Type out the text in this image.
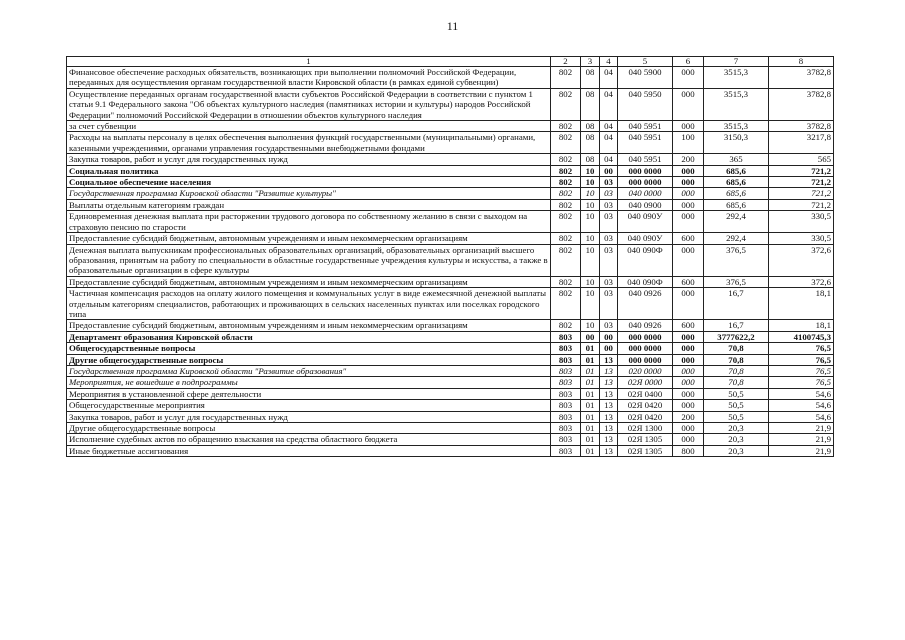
11
1	2	3	4	5	6	7	8
Финансовое обеспечение расходных обязательств, возникающих при выполнении полномочий Российской Федерации, переданных для осуществления органам государственной власти Кировской области (в рамках единой субвенции)	802	08	04	040 5900	000	3515,3	3782,8
Осуществление переданных органам государственной власти субъектов Российской Федерации в соответствии с пунктом 1 статьи 9.1 Федерального закона "Об объектах культурного наследия (памятниках истории и культуры) народов Российской Федерации" полномочий Российской Федерации в отношении объектов культурного наследия	802	08	04	040 5950	000	3515,3	3782,8
за счет субвенции	802	08	04	040 5951	000	3515,3	3782,8
Расходы на выплаты персоналу в целях обеспечения выполнения функций государственными (муниципальными) органами, казенными учреждениями, органами управления государственными внебюджетными фондами	802	08	04	040 5951	100	3150,3	3217,8
Закупка товаров, работ и услуг для государственных нужд	802	08	04	040 5951	200	365	565
Социальная политика	802	10	00	000 0000	000	685,6	721,2
Социальное обеспечение населения	802	10	03	000 0000	000	685,6	721,2
Государственная программа Кировской области "Развитие культуры"	802	10	03	040 0000	000	685,6	721,2
Выплаты отдельным категориям граждан	802	10	03	040 0900	000	685,6	721,2
Единовременная денежная выплата при расторжении трудового договора по собственному желанию в связи с выходом на страховую пенсию по старости	802	10	03	040 090У	000	292,4	330,5
Предоставление субсидий бюджетным, автономным учреждениям и иным некоммерческим организациям	802	10	03	040 090У	600	292,4	330,5
Денежная выплата выпускникам профессиональных образовательных организаций, образовательных организаций высшего образования, принятым на работу по специальности в областные государственные учреждения культуры и искусства, а также в образовательные организации в сфере культуры	802	10	03	040 090Ф	000	376,5	372,6
Предоставление субсидий бюджетным, автономным учреждениям и иным некоммерческим организациям	802	10	03	040 090Ф	600	376,5	372,6
Частичная компенсация расходов на оплату жилого помещения и коммунальных услуг в виде ежемесячной денежной выплаты отдельным категориям специалистов, работающих и проживающих в сельских населенных пунктах или поселках городского типа	802	10	03	040 0926	000	16,7	18,1
Предоставление субсидий бюджетным, автономным учреждениям и иным некоммерческим организациям	802	10	03	040 0926	600	16,7	18,1
Департамент образования Кировской области	803	00	00	000 0000	000	3777622,2	4100745,3
Общегосударственные вопросы	803	01	00	000 0000	000	70,8	76,5
Другие общегосударственные вопросы	803	01	13	000 0000	000	70,8	76,5
Государственная программа Кировской области "Развитие образования"	803	01	13	020 0000	000	70,8	76,5
Мероприятия, не вошедшие в подпрограммы	803	01	13	02Я 0000	000	70,8	76,5
Мероприятия в установленной сфере деятельности	803	01	13	02Я 0400	000	50,5	54,6
Общегосударственные мероприятия	803	01	13	02Я 0420	000	50,5	54,6
Закупка товаров, работ и услуг для государственных нужд	803	01	13	02Я 0420	200	50,5	54,6
Другие общегосударственные вопросы	803	01	13	02Я 1300	000	20,3	21,9
Исполнение судебных актов по обращению взыскания на средства областного бюджета	803	01	13	02Я 1305	000	20,3	21,9
Иные бюджетные ассигнования	803	01	13	02Я 1305	800	20,3	21,9
